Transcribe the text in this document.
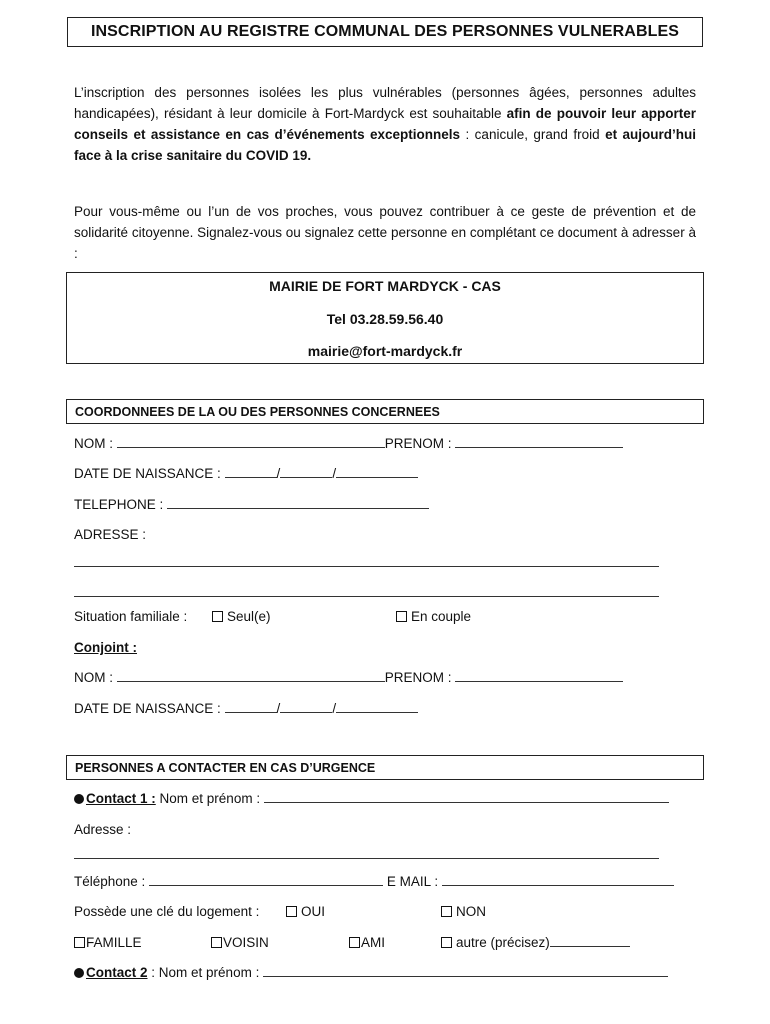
INSCRIPTION AU REGISTRE COMMUNAL DES PERSONNES VULNERABLES
L’inscription des personnes isolées les plus vulnérables (personnes âgées, personnes adultes handicapées), résidant à leur domicile à Fort-Mardyck est souhaitable afin de pouvoir leur apporter conseils et assistance en cas d’événements exceptionnels : canicule, grand froid et aujourd’hui face à la crise sanitaire du COVID 19.
Pour vous-même ou l’un de vos proches, vous pouvez contribuer à ce geste de prévention et de solidarité citoyenne. Signalez-vous ou signalez cette personne en complétant ce document à adresser à :
MAIRIE DE FORT MARDYCK - CAS
Tel 03.28.59.56.40
mairie@fort-mardyck.fr
COORDONNEES DE LA OU DES PERSONNES CONCERNEES
NOM :	PRENOM :
DATE DE NAISSANCE :	/	/
TELEPHONE :
ADRESSE :
Situation familiale :	Seul(e)	En couple
Conjoint :
NOM :	PRENOM :
DATE DE NAISSANCE :	/	/
PERSONNES A CONTACTER EN CAS D’URGENCE
Contact 1 : Nom et prénom :
Adresse :
Téléphone :	E MAIL :
Possède une clé du logement :	OUI	NON
FAMILLE	VOISIN	AMI	autre (précisez)
Contact 2 : Nom et prénom :
